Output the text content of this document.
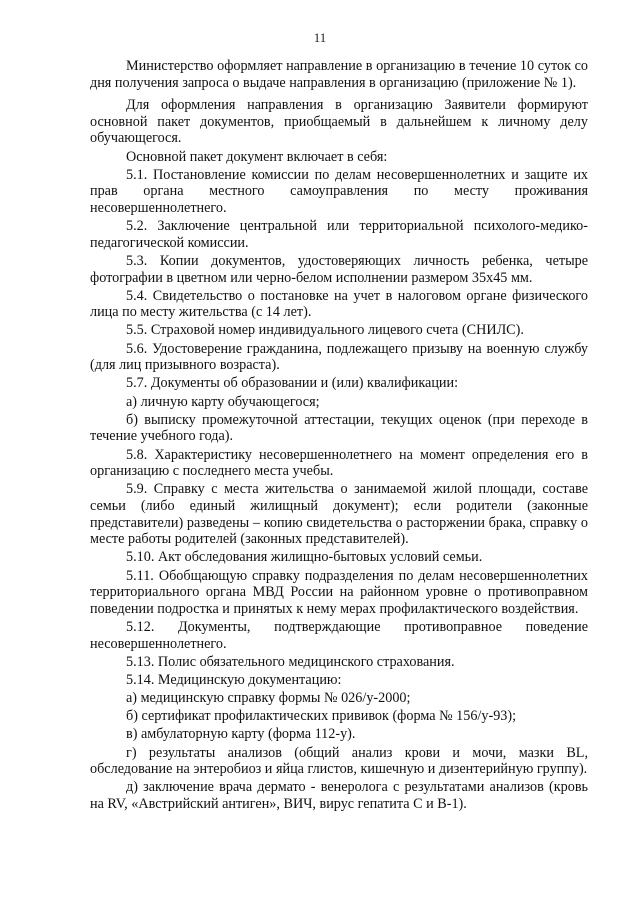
11

Министерство оформляет направление в организацию в течение 10 суток со дня получения запроса о выдаче направления в организацию (приложение № 1).

Для оформления направления в организацию Заявители формируют основной пакет документов, приобщаемый в дальнейшем к личному делу обучающегося.

Основной пакет документ включает в себя:

5.1. Постановление комиссии по делам несовершеннолетних и защите их прав органа местного самоуправления по месту проживания несовершеннолетнего.

5.2. Заключение центральной или территориальной психолого-медико-педагогической комиссии.

5.3. Копии документов, удостоверяющих личность ребенка, четыре фотографии в цветном или черно-белом исполнении размером 35х45 мм.

5.4. Свидетельство о постановке на учет в налоговом органе физического лица по месту жительства (с 14 лет).

5.5. Страховой номер индивидуального лицевого счета (СНИЛС).

5.6. Удостоверение гражданина, подлежащего призыву на военную службу (для лиц призывного возраста).

5.7. Документы об образовании и (или) квалификации:

а) личную карту обучающегося;

б) выписку промежуточной аттестации, текущих оценок (при переходе в течение учебного года).

5.8. Характеристику несовершеннолетнего на момент определения его в организацию с последнего места учебы.

5.9. Справку с места жительства о занимаемой жилой площади, составе семьи (либо единый жилищный документ); если родители (законные представители) разведены – копию свидетельства о расторжении брака, справку о месте работы родителей (законных представителей).

5.10. Акт обследования жилищно-бытовых условий семьи.

5.11. Обобщающую справку подразделения по делам несовершеннолетних территориального органа МВД России на районном уровне о противоправном поведении подростка и принятых к нему мерах профилактического воздействия.

5.12. Документы, подтверждающие противоправное поведение несовершеннолетнего.

5.13. Полис обязательного медицинского страхования.

5.14. Медицинскую документацию:

а) медицинскую справку формы № 026/у-2000;

б) сертификат профилактических прививок (форма № 156/у-93);

в) амбулаторную карту (форма 112-у).

г) результаты анализов (общий анализ крови и мочи, мазки BL, обследование на энтеробиоз и яйца глистов, кишечную и дизентерийную группу).

д) заключение врача дермато - венеролога с результатами анализов (кровь на RV, «Австрийский антиген», ВИЧ, вирус гепатита С и В-1).
